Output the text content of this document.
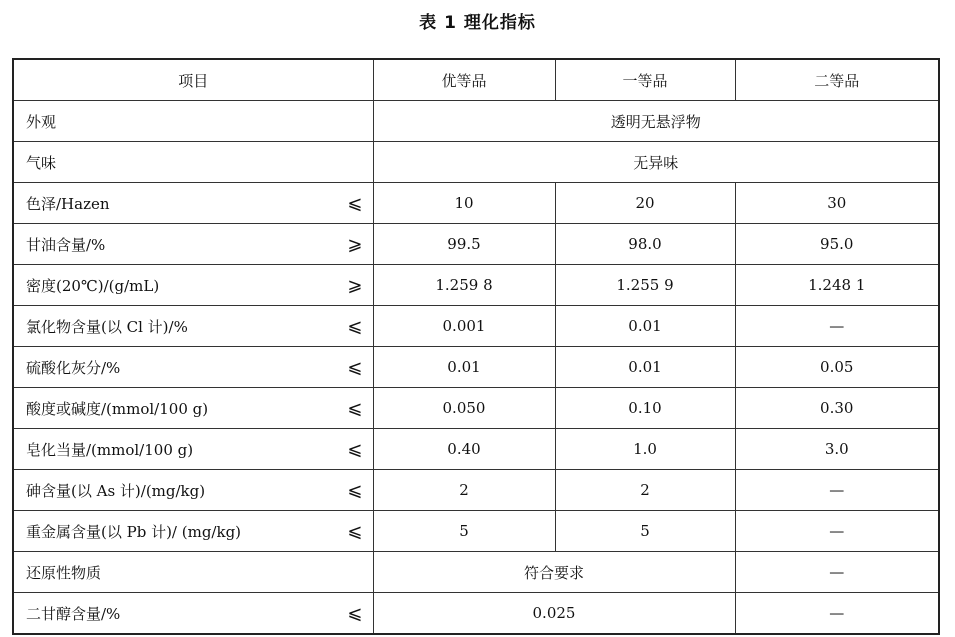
表 1 理化指标
项目	优等品	一等品	二等品
外观	透明无悬浮物		
气味	无异味		

色泽/Hazen ⩽	10	20	30

甘油含量/% ⩾	99.5	98.0	95.0

密度(20℃)/(g/mL) ⩾	1.259 8	1.255 9	1.248 1

氯化物含量(以 Cl 计)/% ⩽	0.001	0.01	—

硫酸化灰分/% ⩽	0.01	0.01	0.05

酸度或碱度/(mmol/100 g) ⩽	0.050	0.10	0.30

皂化当量/(mmol/100 g) ⩽	0.40	1.0	3.0

砷含量(以 As 计)/(mg/kg) ⩽	2	2	—

重金属含量(以 Pb 计)/ (mg/kg) ⩽	5	5	—
还原性物质	符合要求		—

二甘醇含量/% ⩽	0.025		—
